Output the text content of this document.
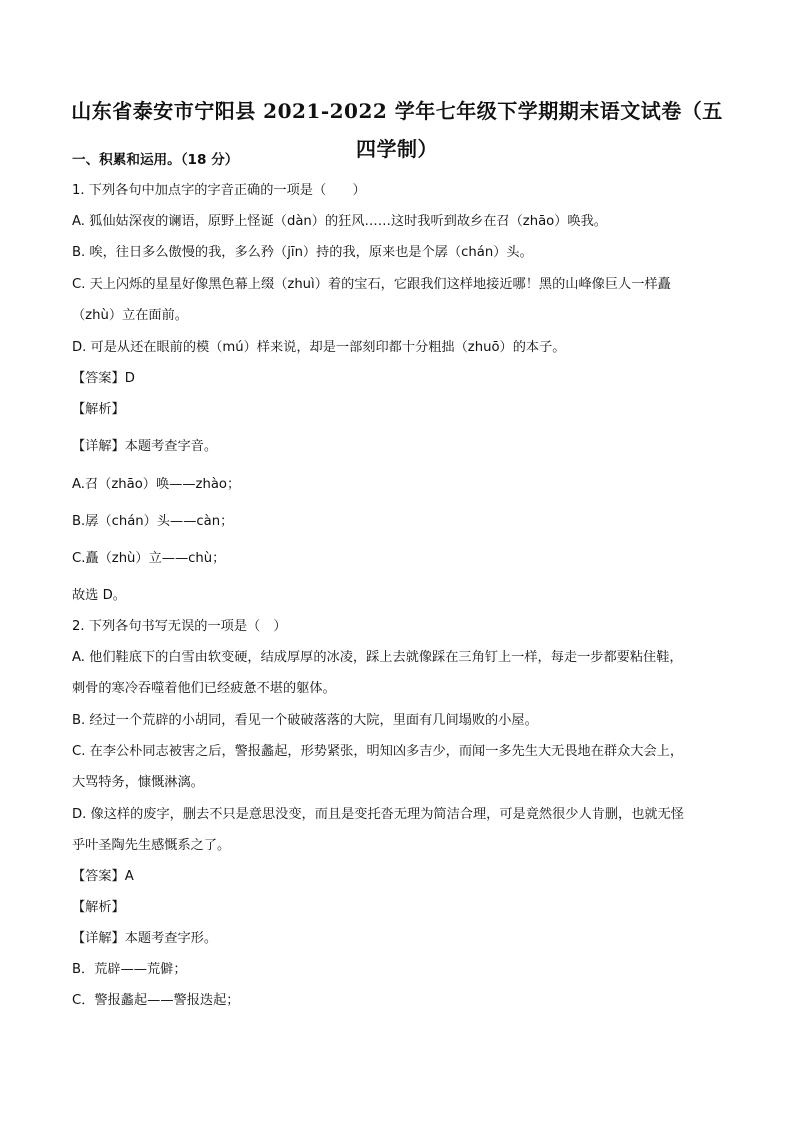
山东省泰安市宁阳县 2021-2022 学年七年级下学期期末语文试卷（五
四学制）
一、积累和运用。（18 分）
1. 下列各句中加点字的字音正确的一项是（　　）
A. 狐仙姑深夜的谰语，原野上怪诞（dàn）的狂风……这时我听到故乡在召（zhāo）唤我。
B. 唉，往日多么傲慢的我，多么矜（jīn）持的我，原来也是个孱（chán）头。
C. 天上闪烁的星星好像黑色幕上缀（zhuì）着的宝石，它跟我们这样地接近哪！黑的山峰像巨人一样矗
（zhù）立在面前。
D. 可是从还在眼前的模（mú）样来说，却是一部刻印都十分粗拙（zhuō）的本子。
【答案】D
【解析】
【详解】本题考查字音。
A.召（zhāo）唤——zhào；
B.孱（chán）头——càn；
C.矗（zhù）立——chù；
故选 D。
2. 下列各句书写无误的一项是（　）
A. 他们鞋底下的白雪由软变硬，结成厚厚的冰凌，踩上去就像踩在三角钉上一样，每走一步都要粘住鞋，
刺骨的寒冷吞噬着他们已经疲惫不堪的躯体。
B. 经过一个荒辟的小胡同，看见一个破破落落的大院，里面有几间塌败的小屋。
C. 在李公朴同志被害之后，警报蠡起，形势紧张，明知凶多吉少，而闻一多先生大无畏地在群众大会上，
大骂特务，慷慨淋漓。
D. 像这样的废字，删去不只是意思没变，而且是变托沓无理为简洁合理，可是竟然很少人肯删，也就无怪
乎叶圣陶先生感慨系之了。
【答案】A
【解析】
【详解】本题考查字形。
B．荒辟——荒僻；
C．警报蠡起——警报迭起；
